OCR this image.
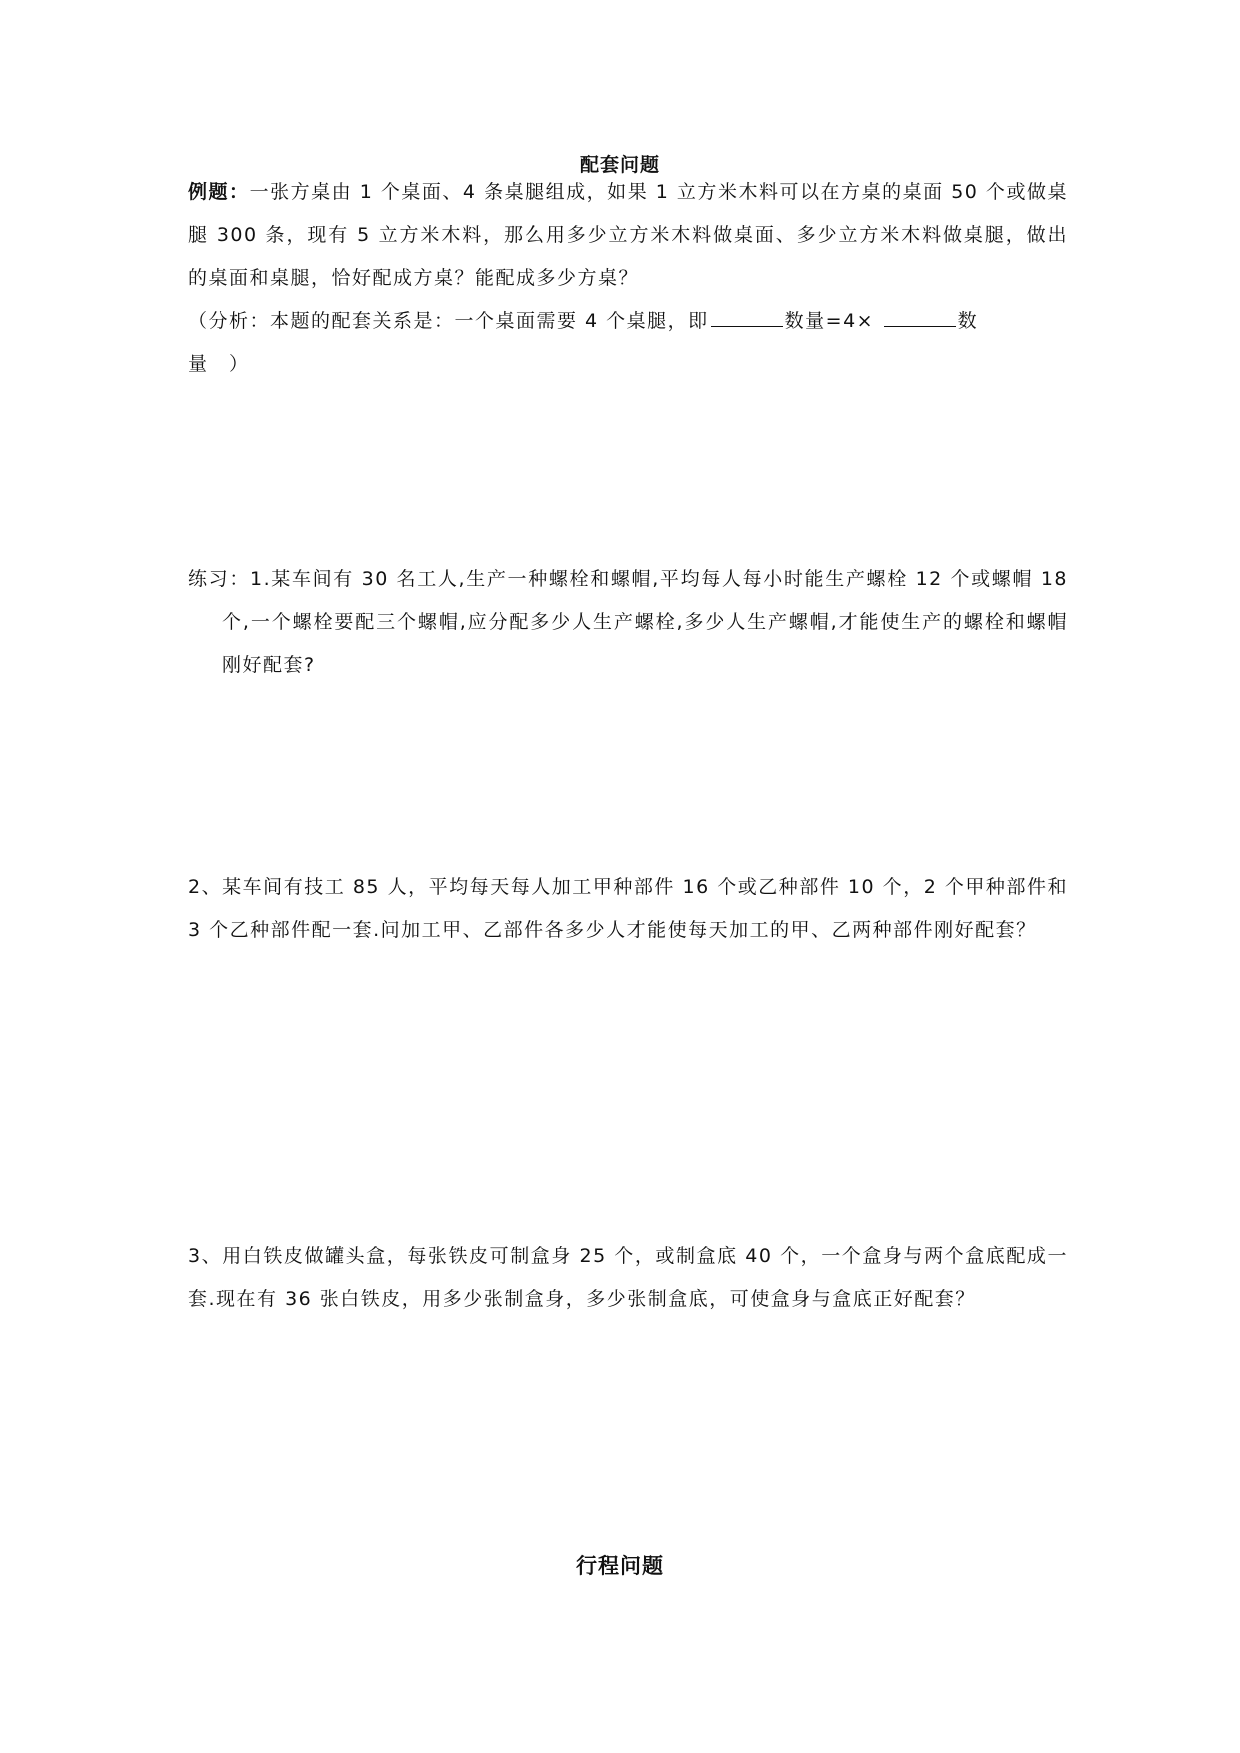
配套问题
例题：一张方桌由 1 个桌面、4 条桌腿组成，如果 1 立方米木料可以在方桌的桌面 50 个或做桌腿 300 条，现有 5 立方米木料，那么用多少立方米木料做桌面、多少立方米木料做桌腿，做出的桌面和桌腿，恰好配成方桌？能配成多少方桌？
（分析：本题的配套关系是：一个桌面需要 4 个桌腿，即	数量=4×	数
量　）
练习：1.某车间有 30 名工人,生产一种螺栓和螺帽,平均每人每小时能生产螺栓 12 个或螺帽 18 个,一个螺栓要配三个螺帽,应分配多少人生产螺栓,多少人生产螺帽,才能使生产的螺栓和螺帽刚好配套?
2、某车间有技工 85 人，平均每天每人加工甲种部件 16 个或乙种部件 10 个，2 个甲种部件和 3 个乙种部件配一套.问加工甲、乙部件各多少人才能使每天加工的甲、乙两种部件刚好配套？
3、用白铁皮做罐头盒，每张铁皮可制盒身 25 个，或制盒底 40 个，一个盒身与两个盒底配成一套.现在有 36 张白铁皮，用多少张制盒身，多少张制盒底，可使盒身与盒底正好配套？
行程问题
